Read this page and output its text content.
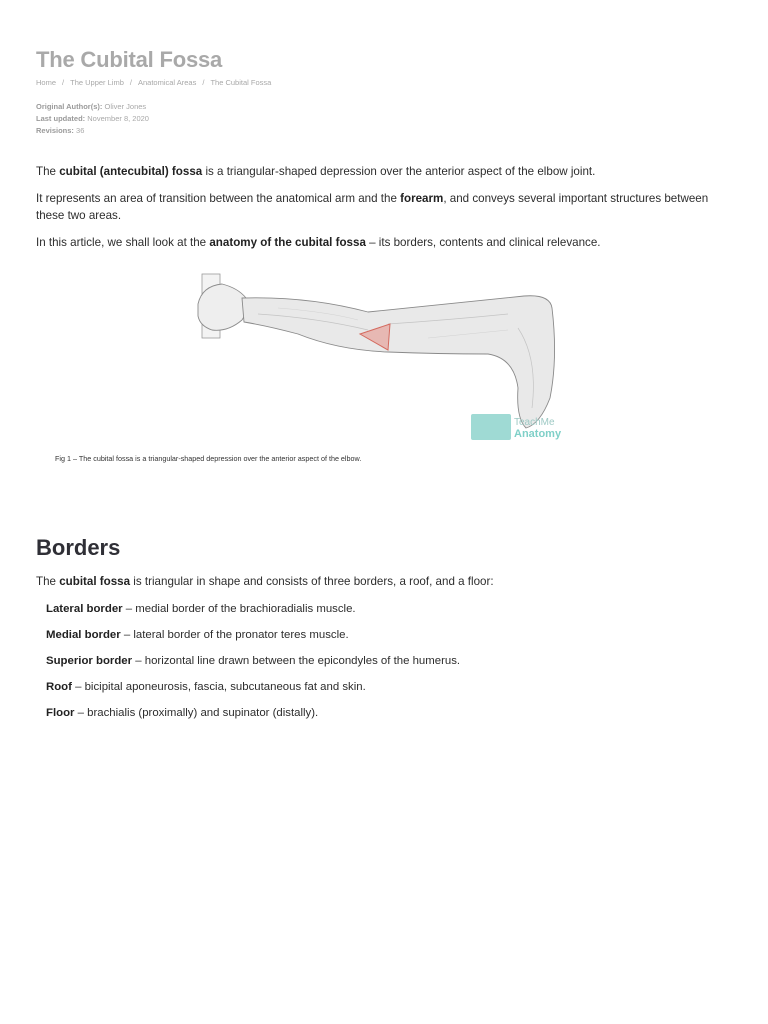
The Cubital Fossa
Home / The Upper Limb / Anatomical Areas / The Cubital Fossa
Original Author(s): Oliver Jones
Last updated: November 8, 2020
Revisions: 36

The cubital (antecubital) fossa is a triangular-shaped depression over the anterior aspect of the elbow joint.

It represents an area of transition between the anatomical arm and the forearm, and conveys several important structures between these two areas.

In this article, we shall look at the anatomy of the cubital fossa – its borders, contents and clinical relevance.

TeachMe
Anatomy
Fig 1 – The cubital fossa is a triangular-shaped depression over the anterior aspect of the elbow.
Borders

The cubital fossa is triangular in shape and consists of three borders, a roof, and a floor:

Lateral border – medial border of the brachioradialis muscle.
Medial border – lateral border of the pronator teres muscle.
Superior border – horizontal line drawn between the epicondyles of the humerus.
Roof – bicipital aponeurosis, fascia, subcutaneous fat and skin.
Floor – brachialis (proximally) and supinator (distally).
